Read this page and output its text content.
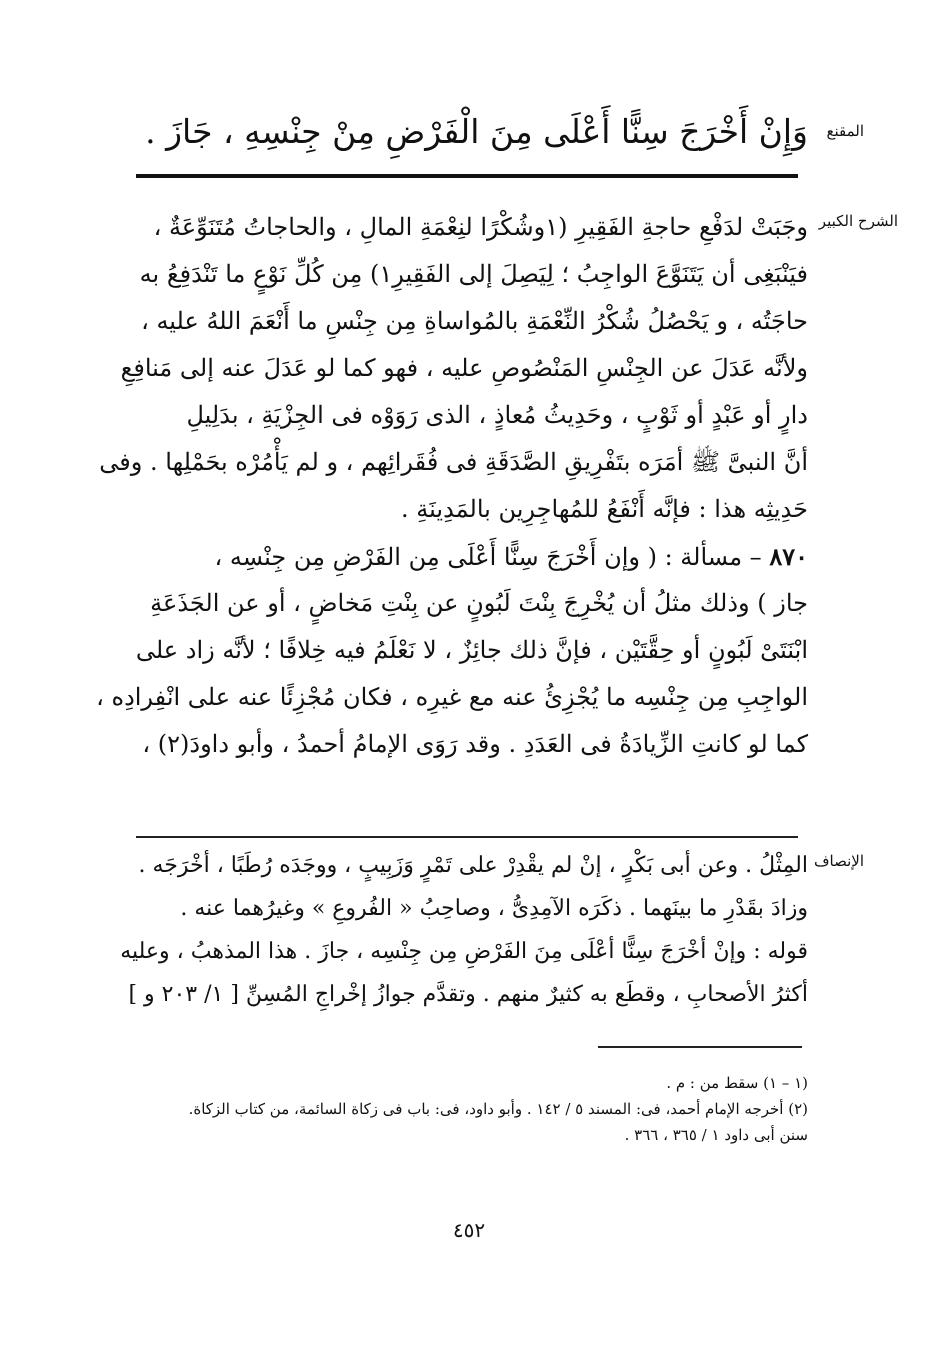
المقنع
وَإِنْ أَخْرَجَ سِنًّا أَعْلَى مِنَ الْفَرْضِ مِنْ جِنْسِهِ ، جَازَ .
الشرح الكبير
وجَبَتْ لدَفْعِ حاجةِ الفَقِيرِ (١وشُكْرًا لنِعْمَةِ المالِ ، والحاجاتُ مُتَنَوِّعَةٌ ،
فيَنْبَغِى أن يَتَنَوَّعَ الواجِبُ ؛ لِيَصِلَ إلى الفَقِيرِ١) مِن كُلِّ نَوْعٍ ما تَنْدَفِعُ به
حاجَتُه ، و يَحْصُلُ شُكْرُ النِّعْمَةِ بالمُواساةِ مِن جِنْسِ ما أَنْعَمَ اللهُ عليه ،
ولأنَّه عَدَلَ عن الجِنْسِ المَنْصُوصِ عليه ، فهو كما لو عَدَلَ عنه إلى مَنافِعِ
دارٍ أو عَبْدٍ أو ثَوْبٍ ، وحَدِيثُ مُعاذٍ ، الذى رَوَوْه فى الجِزْيَةِ ، بدَلِيلِ
أنَّ النبىَّ ﷺ أمَرَه بتَفْرِيقِ الصَّدَقَةِ فى فُقَرائِهم ، و لم يَأْمُرْه بحَمْلِها . وفى
حَدِيثِه هذا : فإنَّه أَنْفَعُ للمُهاجِرِين بالمَدِينَةِ .
٨٧٠ – مسألة : ( وإن أَخْرَجَ سِنًّا أَعْلَى مِن الفَرْضِ مِن جِنْسِه ،
جاز ) وذلك مثلُ أن يُخْرِجَ بِنْتَ لَبُونٍ عن بِنْتِ مَخاضٍ ، أو عن الجَذَعَةِ
ابْنَتَىْ لَبُونٍ أو حِقَّتَيْن ، فإنَّ ذلك جائِزٌ ، لا نَعْلَمُ فيه خِلافًا ؛ لأنَّه زاد على
الواجِبِ مِن جِنْسِه ما يُجْزِئُ عنه مع غيرِه ، فكان مُجْزِئًا عنه على انْفِرادِه ،
كما لو كانتِ الزِّيادَةُ فى العَدَدِ . وقد رَوَى الإمامُ أحمدُ ، وأبو داودَ(٢) ،
الإنصاف
المِثْلُ . وعن أبى بَكْرٍ ، إنْ لم يقْدِرْ على تَمْرٍ وَزَبِيبٍ ، ووجَدَه رُطَبًا ، أخْرَجَه .
وزادَ بقَدْرِ ما بينَهما . ذكَرَه الآمِدِىُّ ، وصاحِبُ « الفُروعِ » وغيرُهما عنه .
قوله : وإنْ أخْرَجَ سِنًّا أعْلَى مِنَ الفَرْضِ مِن جِنْسِه ، جازَ . هذا المذهبُ ، وعليه
أكثرُ الأصحابِ ، وقطَع به كثيرٌ منهم . وتقدَّم جوازُ إخْراجِ المُسِنِّ [ ١/ ٢٠٣ و ]
(١ – ١) سقط من : م .
(٢) أخرجه الإمام أحمد، فى: المسند ٥ / ١٤٢ . وأبو داود، فى: باب فى زكاة السائمة، من كتاب الزكاة.
سنن أبى داود ١ / ٣٦٥ ، ٣٦٦ .
٤٥٢
